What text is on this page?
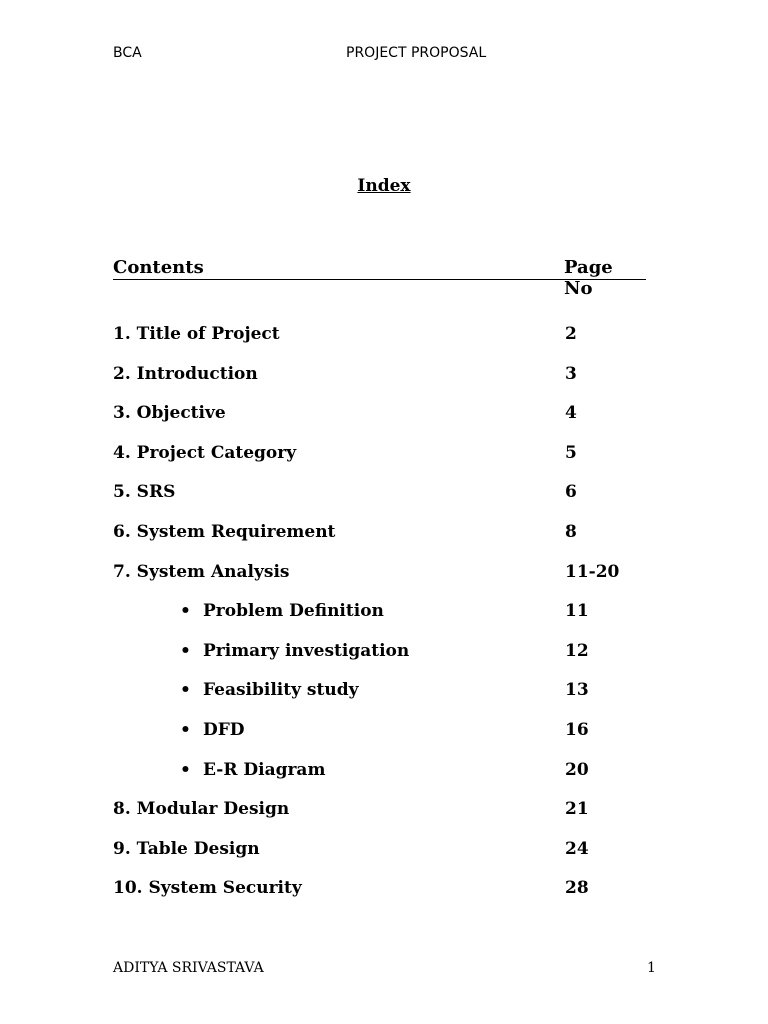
BCA	PROJECT PROPOSAL
Index
Contents	Page No
1. Title of Project	2
2. Introduction	3
3. Objective	4
4. Project Category	5
5. SRS	6
6. System Requirement	8
7. System Analysis	11-20
• Problem Definition	11
• Primary investigation	12
• Feasibility study	13
• DFD	16
• E-R Diagram	20
8. Modular Design	21
9. Table Design	24
10. System Security	28
ADITYA SRIVASTAVA	1
